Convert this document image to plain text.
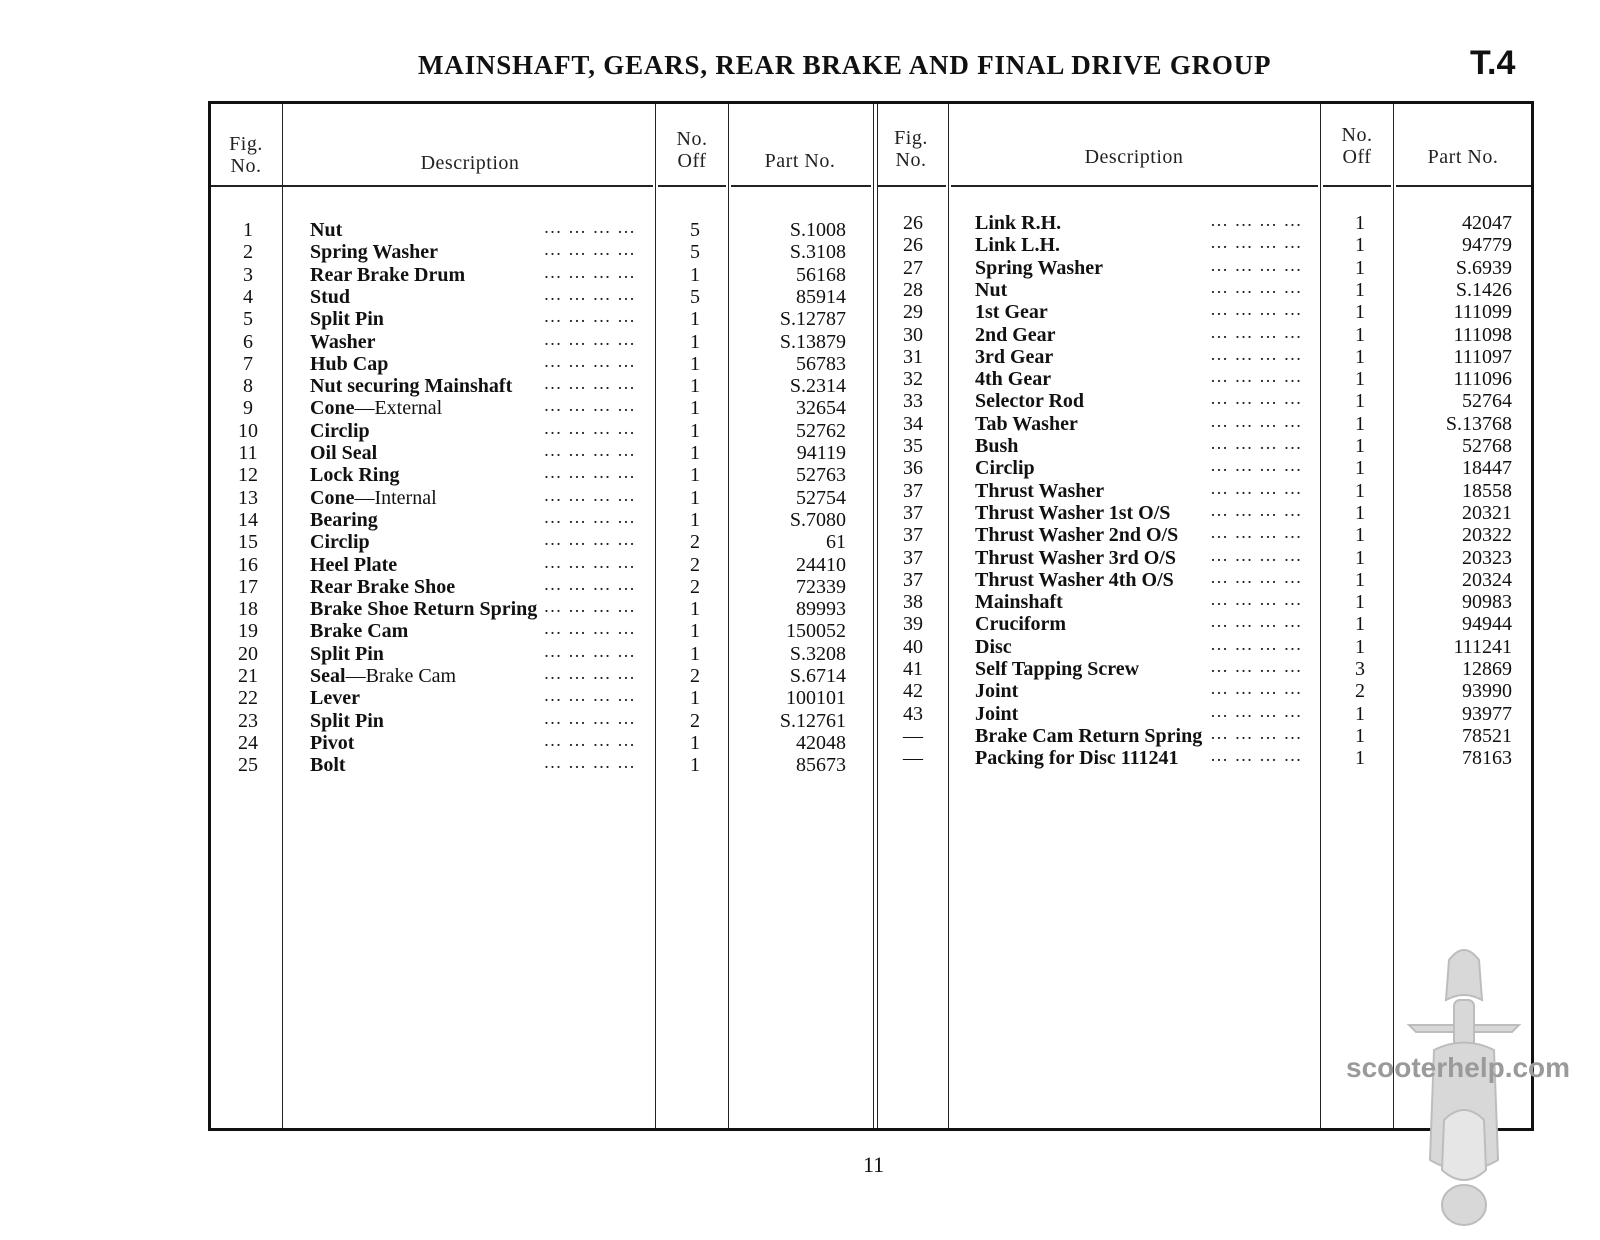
MAINSHAFT, GEARS, REAR BRAKE AND FINAL DRIVE GROUP	T.4
Fig.
No.	Description
No.
Off	Part No.
Fig.
No.	Description
No.
Off	Part No.
1	Nut	… … … …	5	S.1008
2	Spring Washer	… … … …	5	S.3108
3	Rear Brake Drum	… … … …	1	56168
4	Stud	… … … …	5	85914
5	Split Pin	… … … …	1	S.12787
6	Washer	… … … …	1	S.13879
7	Hub Cap	… … … …	1	56783
8	Nut securing Mainshaft … … … …	1	S.2314
9	Cone—External	… … … …	1	32654
10	Circlip	… … … …	1	52762
11	Oil Seal	… … … …	1	94119
12	Lock Ring	… … … …	1	52763
13	Cone—Internal	… … … …	1	52754
14	Bearing	… … … …	1	S.7080
15	Circlip	… … … …	2	61
16	Heel Plate	… … … …	2	24410
17	Rear Brake Shoe	… … … …	2	72339
18	Brake Shoe Return Spring … … … …	1	89993
19	Brake Cam	… … … …	1	150052
20	Split Pin	… … … …	1	S.3208
21	Seal—Brake Cam	… … … …	2	S.6714
22	Lever	… … … …	1	100101
23	Split Pin	… … … …	2	S.12761
24	Pivot	… … … …	1	42048
25	Bolt	… … … …	1	85673
26	Link R.H.	… … … …	1	42047
26	Link L.H.	… … … …	1	94779
27	Spring Washer	… … … …	1	S.6939
28	Nut	… … … …	1	S.1426
29	1st Gear	… … … …	1	111099
30	2nd Gear	… … … …	1	111098
31	3rd Gear	… … … …	1	111097
32	4th Gear	… … … …	1	111096
33	Selector Rod	… … … …	1	52764
34	Tab Washer	… … … …	1	S.13768
35	Bush	… … … …	1	52768
36	Circlip	… … … …	1	18447
37	Thrust Washer	… … … …	1	18558
37	Thrust Washer 1st O/S … … … …	1	20321
37	Thrust Washer 2nd O/S … … … …	1	20322
37	Thrust Washer 3rd O/S … … … …	1	20323
37	Thrust Washer 4th O/S … … … …	1	20324
38	Mainshaft	… … … …	1	90983
39	Cruciform	… … … …	1	94944
40	Disc	… … … …	1	111241
41	Self Tapping Screw	… … … …	3	12869
42	Joint	… … … …	2	93990
43	Joint	… … … …	1	93977
—	Brake Cam Return Spring … … … …	1	78521
—	Packing for Disc 111241 … … … …	1	78163
11
scooterhelp.com
